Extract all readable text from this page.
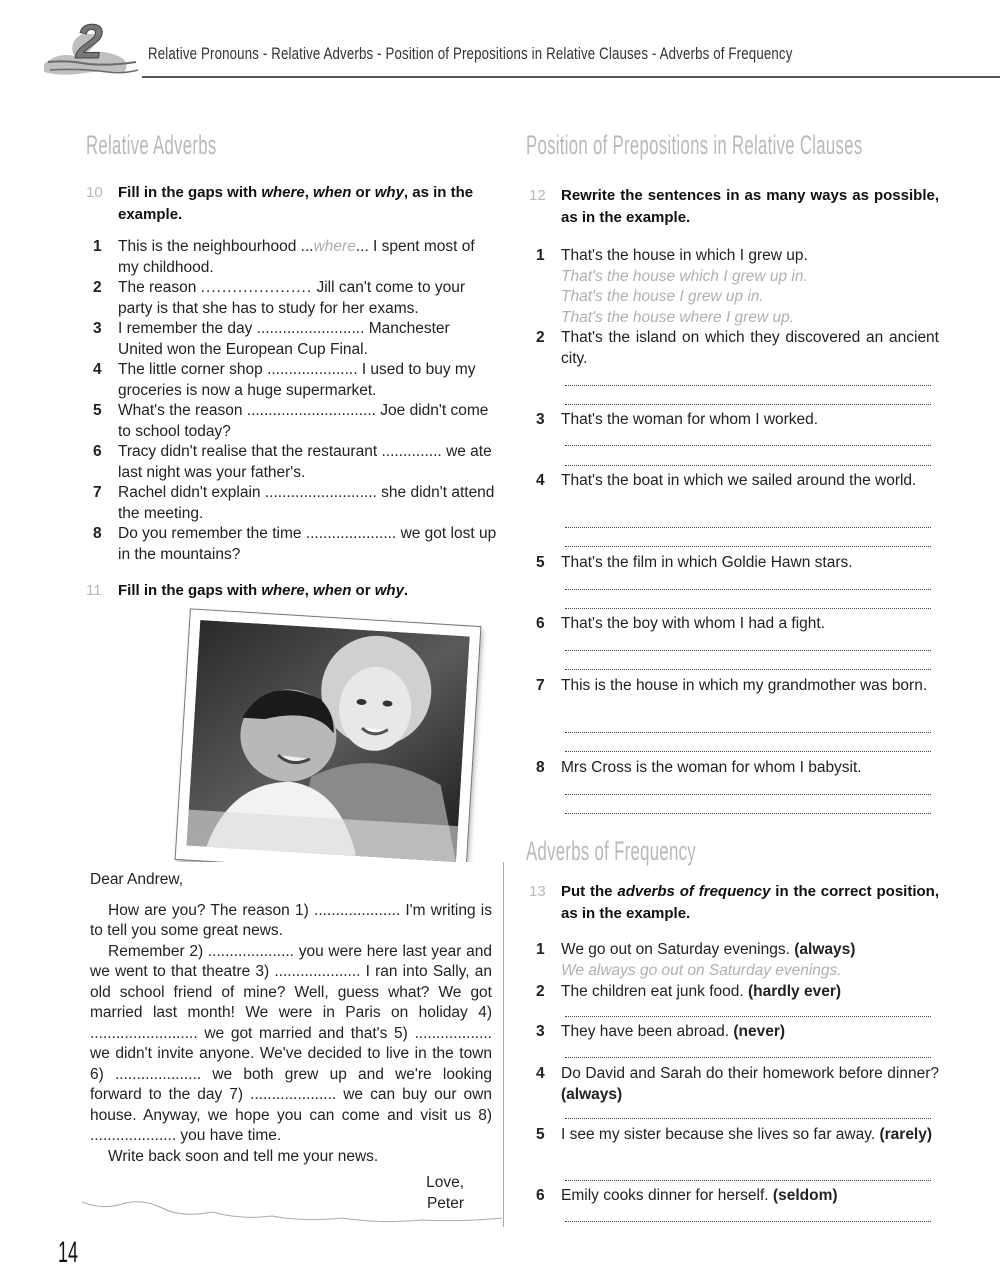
2	Relative Pronouns - Relative Adverbs - Position of Prepositions in Relative Clauses - Adverbs of Frequency
Relative Adverbs
10 Fill in the gaps with where, when or why, as in the example.
1 This is the neighbourhood ...where... I spent most of my childhood.
2 The reason ..................... Jill can't come to your party is that she has to study for her exams.
3 I remember the day ......................... Manchester United won the European Cup Final.
4 The little corner shop ..................... I used to buy my groceries is now a huge supermarket.
5 What's the reason .............................. Joe didn't come to school today?
6 Tracy didn't realise that the restaurant .............. we ate last night was your father's.
7 Rachel didn't explain .......................... she didn't attend the meeting.
8 Do you remember the time ..................... we got lost up in the mountains?
11 Fill in the gaps with where, when or why.

Dear Andrew,

How are you? The reason 1) .................... I'm writing is to tell you some great news.

Remember 2) .................... you were here last year and we went to that theatre 3) .................... I ran into Sally, an old school friend of mine? Well, guess what? We got married last month! We were in Paris on holiday 4) ......................... we got married and that's 5) .................. we didn't invite anyone. We've decided to live in the town 6) .................... we both grew up and we're looking forward to the day 7) .................... we can buy our own house. Anyway, we hope you can come and visit us 8) .................... you have time.

Write back soon and tell me your news.

Love,

Peter

14
Position of Prepositions in Relative Clauses
12 Rewrite the sentences in as many ways as possible, as in the example.
1 That's the house in which I grew up.
That's the house which I grew up in.
That's the house I grew up in.
That's the house where I grew up.
2 That's the island on which they discovered an ancient city.
3 That's the woman for whom I worked.
4 That's the boat in which we sailed around the world.
5 That's the film in which Goldie Hawn stars.
6 That's the boy with whom I had a fight.
7 This is the house in which my grandmother was born.
8 Mrs Cross is the woman for whom I babysit.
Adverbs of Frequency
13 Put the adverbs of frequency in the correct position, as in the example.
1 We go out on Saturday evenings. (always)
We always go out on Saturday evenings.
2 The children eat junk food. (hardly ever)
3 They have been abroad. (never)
4 Do David and Sarah do their homework before dinner? (always)
5 I see my sister because she lives so far away. (rarely)
6 Emily cooks dinner for herself. (seldom)
